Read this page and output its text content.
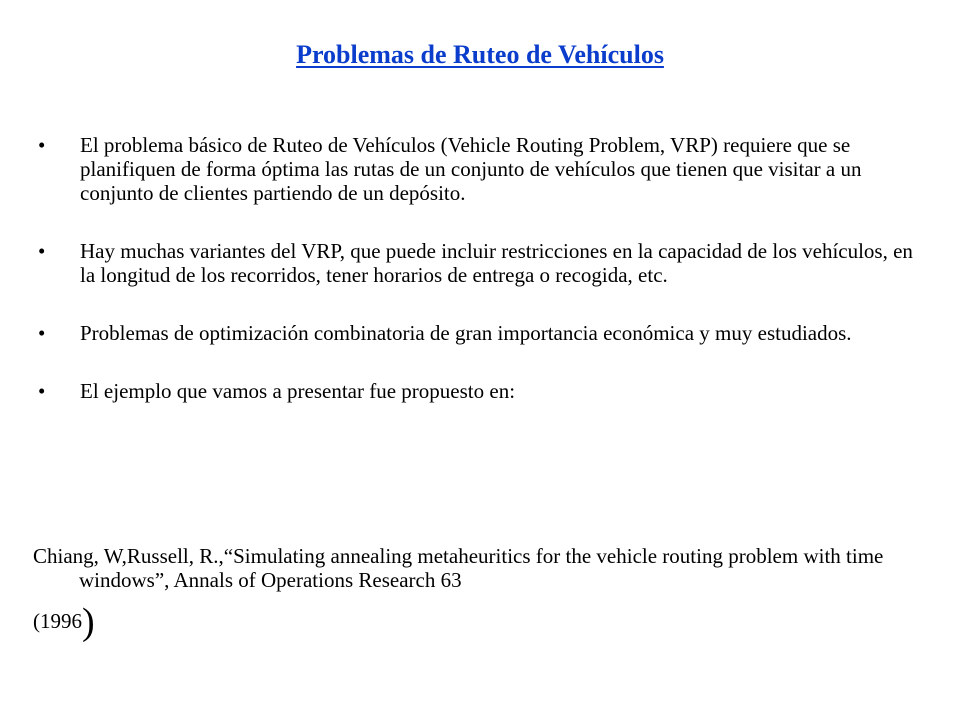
Problemas de Ruteo de Vehículos
•	El problema básico de Ruteo de Vehículos (Vehicle Routing Problem, VRP) requiere que se planifiquen de forma óptima las rutas de un conjunto de vehículos que tienen que visitar a un conjunto de clientes partiendo de un depósito.
•	Hay muchas variantes del VRP, que puede incluir restricciones en la capacidad de los vehículos, en la longitud de los recorridos, tener horarios de entrega o recogida, etc.
•	Problemas de optimización combinatoria de gran importancia económica y muy estudiados.
•	El ejemplo que vamos a presentar fue propuesto en:
Chiang, W,Russell, R.,“Simulating annealing metaheuritics for the vehicle routing problem with time windows”, Annals of Operations Research 63
(1996)
